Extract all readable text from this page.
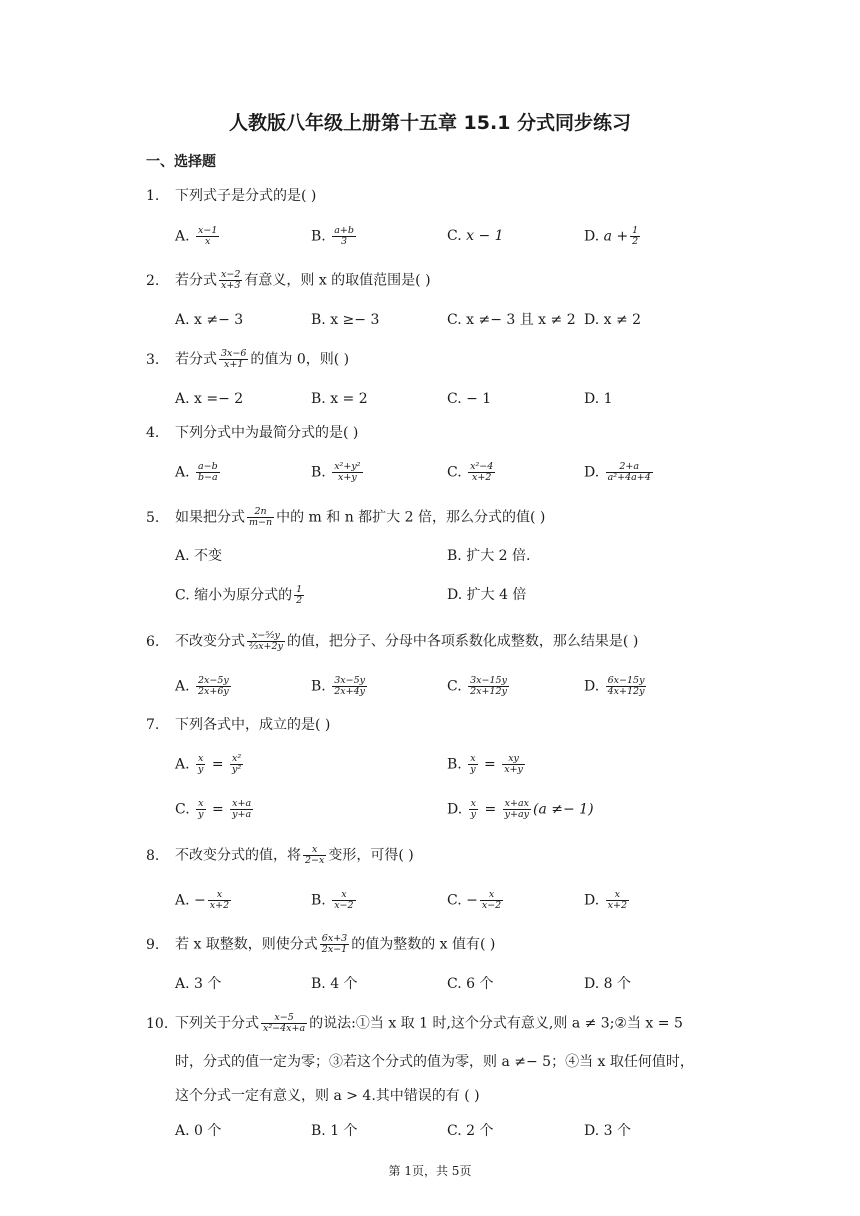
人教版八年级上册第十五章 15.1 分式同步练习
一、选择题
1. 下列式子是分式的是( )
A. $\frac{x-1}{x}$	B. $\frac{a+b}{3}$	C. x − 1	D. $a + \frac{1}{2}$
2. 若分式 $\frac{x-2}{x+3}$ 有意义，则 x 的取值范围是( )
A. x ≠− 3	B. x ≥− 3	C. x ≠− 3 且 x ≠ 2 D. x ≠ 2
3. 若分式 $\frac{3x-6}{x+1}$ 的值为 0，则( )
A. x =− 2	B. x = 2	C. − 1	D. 1
4. 下列分式中为最简分式的是( )
A. $\frac{a-b}{b-a}$	B. $\frac{\text{x²+y²}}{x+y}$	C. $\frac{\text{x²−4}}{x+2}$	D. $\frac{2+a}{\text{a²+4a+4}}$
5. 如果把分式 $\frac{2n}{m-n}$ 中的 m 和 n 都扩大 2 倍，那么分式的值( )
A. 不变	B. 扩大 2 倍.
C. 缩小为原分式的 $\frac{1}{2}$	D. 扩大 4 倍
6. 不改变分式 $\frac{\text{x−⁵⁄₂y}}{\text{²⁄₃x+2y}}$ 的值，把分子、分母中各项系数化成整数，那么结果是( )
A. $\frac{2x-5y}{2x+6y}$	B. $\frac{3x-5y}{2x+4y}$	C. $\frac{3x-15y}{2x+12y}$	D. $\frac{6x-15y}{4x+12y}$
7. 下列各式中，成立的是( )
A. $\frac{x}{y} = \frac{\text{x²}}{\text{y²}}$	B. $\frac{x}{y} = \frac{xy}{x+y}$
C. $\frac{x}{y} = \frac{x+a}{y+a}$	D. $\frac{x}{y} = \frac{x+ax}{y+ay} (a \ne- 1)$
8. 不改变分式的值，将 $\frac{x}{2-x}$ 变形，可得( )
A. − $\frac{x}{x+2}$	B. $\frac{x}{x-2}$	C. − $\frac{x}{x-2}$	D. $\frac{x}{x+2}$
9. 若 x 取整数，则使分式 $\frac{6x+3}{2x-1}$ 的值为整数的 x 值有( )
A. 3 个	B. 4 个	C. 6 个	D. 8 个
10. 下列关于分式 $\frac{x-5}{\text{x²−4x+a}}$ 的说法:①当 x 取 1 时,这个分式有意义,则 a ≠ 3;②当 x = 5
时，分式的值一定为零；③若这个分式的值为零，则 a ≠− 5；④当 x 取任何值时，
这个分式一定有意义，则 a > 4.其中错误的有 ( )
A. 0 个	B. 1 个	C. 2 个	D. 3 个
第 1页，共 5页
